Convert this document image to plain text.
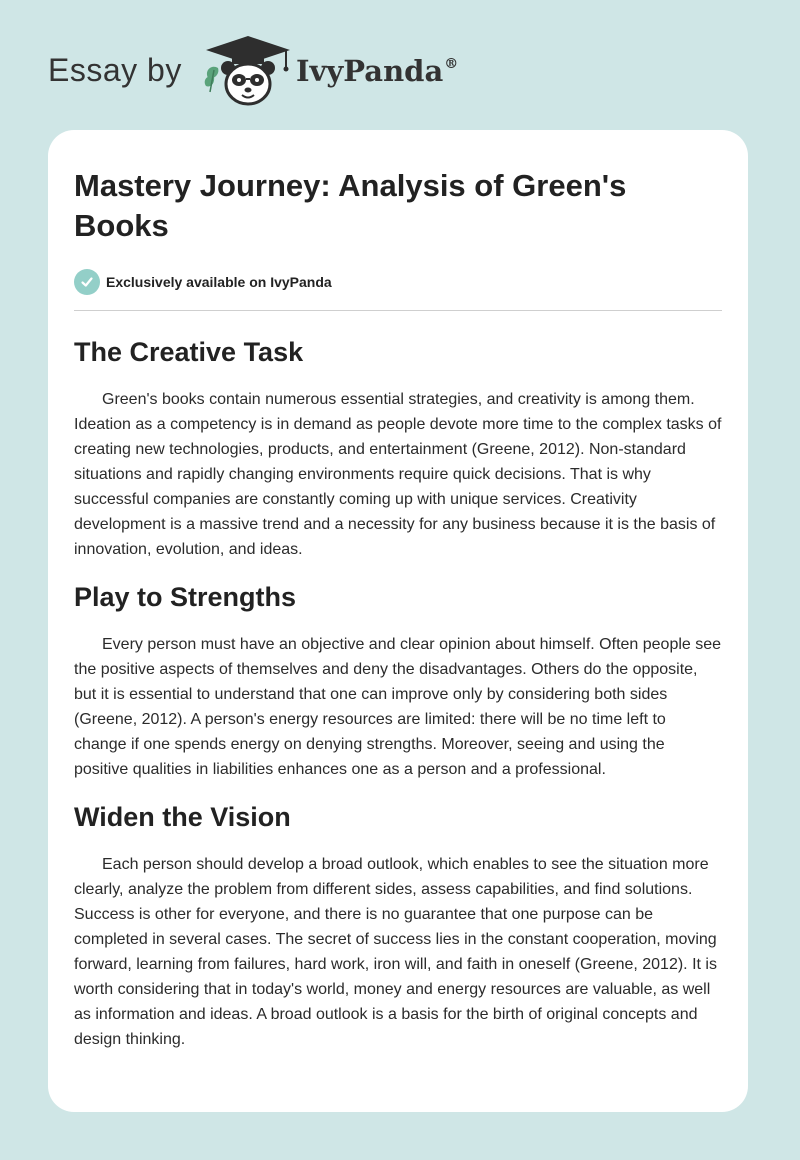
Essay by	IvyPanda®
Mastery Journey: Analysis of Green's Books
Exclusively available on IvyPanda
The Creative Task

Green's books contain numerous essential strategies, and creativity is among them. Ideation as a competency is in demand as people devote more time to the complex tasks of creating new technologies, products, and entertainment (Greene, 2012). Non-standard situations and rapidly changing environments require quick decisions. That is why successful companies are constantly coming up with unique services. Creativity development is a massive trend and a necessity for any business because it is the basis of innovation, evolution, and ideas.

Play to Strengths

Every person must have an objective and clear opinion about himself. Often people see the positive aspects of themselves and deny the disadvantages. Others do the opposite, but it is essential to understand that one can improve only by considering both sides (Greene, 2012). A person's energy resources are limited: there will be no time left to change if one spends energy on denying strengths. Moreover, seeing and using the positive qualities in liabilities enhances one as a person and a professional.

Widen the Vision

Each person should develop a broad outlook, which enables to see the situation more clearly, analyze the problem from different sides, assess capabilities, and find solutions. Success is other for everyone, and there is no guarantee that one purpose can be completed in several cases. The secret of success lies in the constant cooperation, moving forward, learning from failures, hard work, iron will, and faith in oneself (Greene, 2012). It is worth considering that in today's world, money and energy resources are valuable, as well as information and ideas. A broad outlook is a basis for the birth of original concepts and design thinking.
